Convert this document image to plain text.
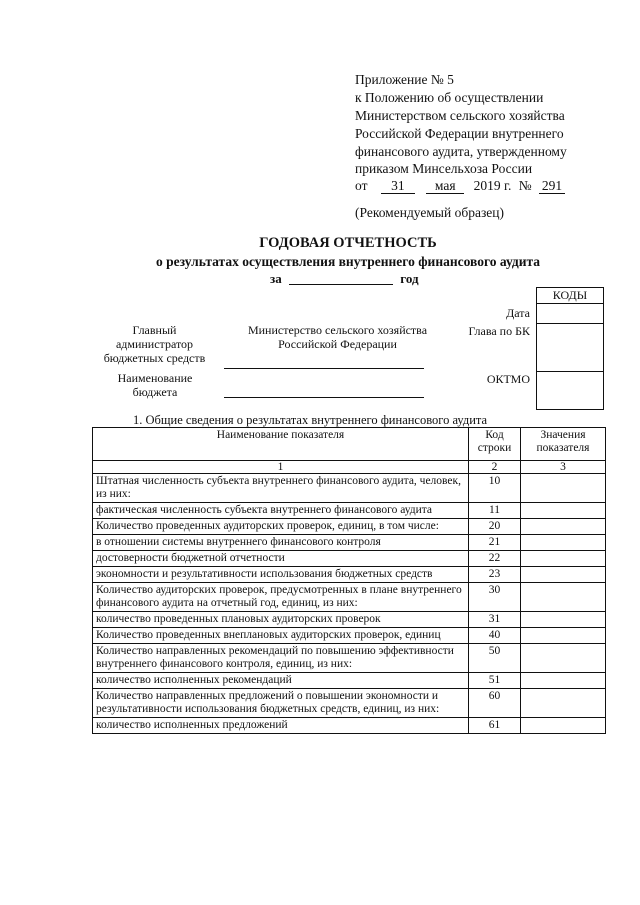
Приложение № 5
к Положению об осуществлении
Министерством сельского хозяйства
Российской Федерации внутреннего
финансового аудита, утвержденному
приказом Минсельхоза России
от 31 мая 2019 г. № 291
(Рекомендуемый образец)
ГОДОВАЯ ОТЧЕТНОСТЬ
о результатах осуществления внутреннего финансового аудита
за	год
КОДЫ
Дата
Главный администратор бюджетных средств
Министерство сельского хозяйства Российской Федерации
Глава по БК
Наименование бюджета
ОКТМО
1. Общие сведения о результатах внутреннего финансового аудита
Наименование показателя	Код строки	Значения показателя
1	2	3
Штатная численность субъекта внутреннего финансового аудита, человек, из них:	10	
фактическая численность субъекта внутреннего финансового аудита	11	
Количество проведенных аудиторских проверок, единиц, в том числе:	20	
в отношении системы внутреннего финансового контроля	21	
достоверности бюджетной отчетности	22	
экономности и результативности использования бюджетных средств	23	
Количество аудиторских проверок, предусмотренных в плане внутреннего финансового аудита на отчетный год, единиц, из них:	30	
количество проведенных плановых аудиторских проверок	31	
Количество проведенных внеплановых аудиторских проверок, единиц	40	
Количество направленных рекомендаций по повышению эффективности внутреннего финансового контроля, единиц, из них:	50	
количество исполненных рекомендаций	51	
Количество направленных предложений о повышении экономности и результативности использования бюджетных средств, единиц, из них:	60	
количество исполненных предложений	61	
